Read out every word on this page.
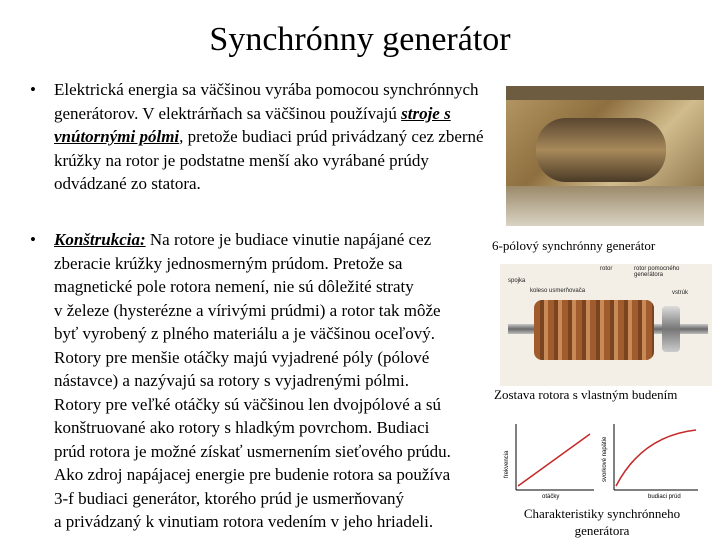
Synchrónny generátor
• Elektrická energia sa väčšinou vyrába pomocou synchrónnych generátorov. V elektrárňach sa väčšinou používajú stroje s vnútornými pólmi, pretože budiaci prúd privádzaný cez zberné krúžky na rotor je podstatne menší ako vyrábané prúdy odvádzané zo statora.
• Konštrukcia: Na rotore je budiace vinutie napájané cez
zberacie krúžky jednosmerným prúdom. Pretože sa
magnetické pole rotora nemení, nie sú dôležité straty
v železe (hysterézne a vírivými prúdmi) a rotor tak môže
byť vyrobený z plného materiálu a je väčšinou oceľový.
Rotory pre menšie otáčky majú vyjadrené póly (pólové
nástavce) a nazývajú sa rotory s vyjadrenými pólmi.
Rotory pre veľké otáčky sú väčšinou len dvojpólové a sú
konštruované ako rotory s hladkým povrchom. Budiaci
prúd rotora je možné získať usmernením sieťového prúdu.
Ako zdroj napájacej energie pre budenie rotora sa používa
3-f budiaci generátor, ktorého prúd je usmerňovaný
a privádzaný k vinutiam rotora vedením v jeho hriadeli.
6-pólový synchrónny generátor
rotor	rotor pomocného generátora
spojka
koleso usmerňovača	vstrúk
Zostava rotora s vlastným budením
frekvencia
otáčky
svorkové napätie
budiaci prúd
Charakteristiky synchrónneho generátora
